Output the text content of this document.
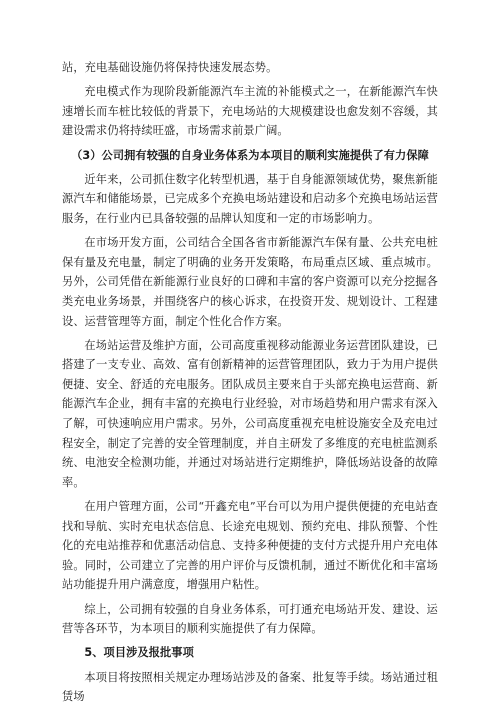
站，充电基础设施仍将保持快速发展态势。

充电模式作为现阶段新能源汽车主流的补能模式之一，在新能源汽车快速增长而车桩比较低的背景下，充电场站的大规模建设也愈发刻不容缓，其建设需求仍将持续旺盛，市场需求前景广阔。

（3）公司拥有较强的自身业务体系为本项目的顺利实施提供了有力保障

近年来，公司抓住数字化转型机遇，基于自身能源领域优势，聚焦新能源汽车和储能场景，已完成多个充换电场站建设和启动多个充换电场站运营服务，在行业内已具备较强的品牌认知度和一定的市场影响力。

在市场开发方面，公司结合全国各省市新能源汽车保有量、公共充电桩保有量及充电量，制定了明确的业务开发策略，布局重点区域、重点城市。另外，公司凭借在新能源行业良好的口碑和丰富的客户资源可以充分挖掘各类充电业务场景，并围绕客户的核心诉求，在投资开发、规划设计、工程建设、运营管理等方面，制定个性化合作方案。

在场站运营及维护方面，公司高度重视移动能源业务运营团队建设，已搭建了一支专业、高效、富有创新精神的运营管理团队，致力于为用户提供便捷、安全、舒适的充电服务。团队成员主要来自于头部充换电运营商、新能源汽车企业，拥有丰富的充换电行业经验，对市场趋势和用户需求有深入了解，可快速响应用户需求。另外，公司高度重视充电桩设施安全及充电过程安全，制定了完善的安全管理制度，并自主研发了多维度的充电桩监测系统、电池安全检测功能，并通过对场站进行定期维护，降低场站设备的故障率。

在用户管理方面，公司“开鑫充电”平台可以为用户提供便捷的充电站查找和导航、实时充电状态信息、长途充电规划、预约充电、排队预警、个性化的充电站推荐和优惠活动信息、支持多种便捷的支付方式提升用户充电体验。同时，公司建立了完善的用户评价与反馈机制，通过不断优化和丰富场站功能提升用户满意度，增强用户粘性。

综上，公司拥有较强的自身业务体系，可打通充电场站开发、建设、运营等各环节，为本项目的顺利实施提供了有力保障。

5、项目涉及报批事项

本项目将按照相关规定办理场站涉及的备案、批复等手续。场站通过租赁场
